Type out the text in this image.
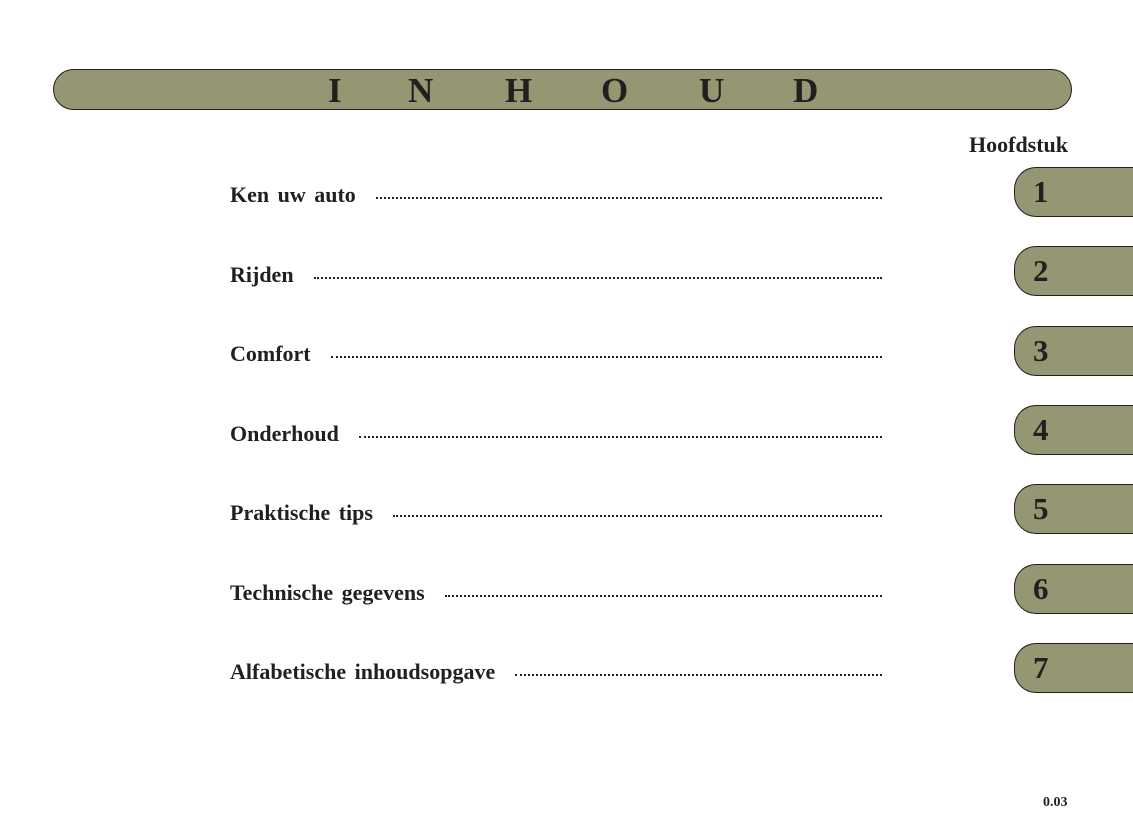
I N H O U D
Hoofdstuk
Ken uw auto	1
Rijden	2
Comfort	3
Onderhoud	4
Praktische tips	5
Technische gegevens	6
Alfabetische inhoudsopgave	7
0.03
